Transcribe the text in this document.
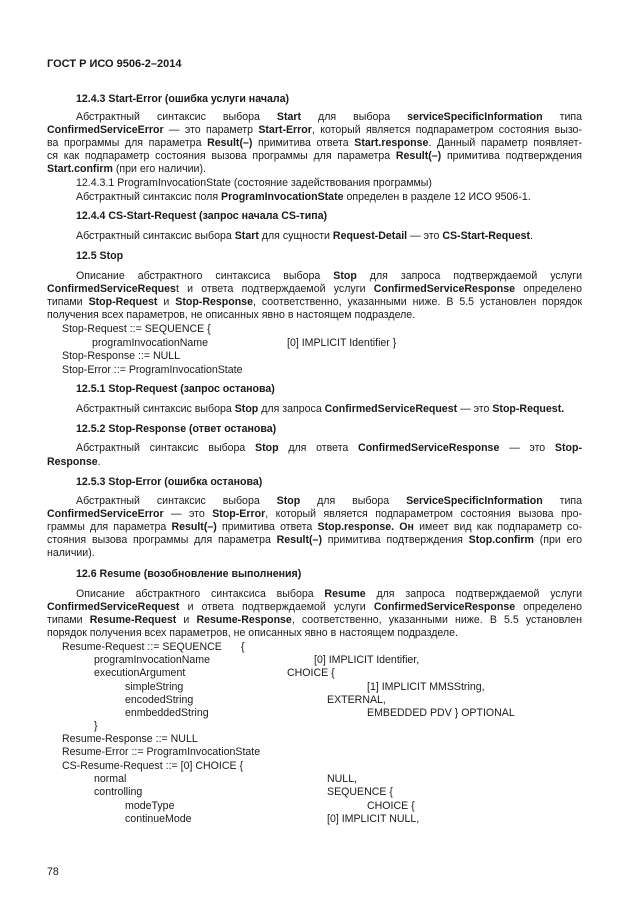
ГОСТ Р ИСО 9506-2–2014
12.4.3 Start-Error (ошибка услуги начала)
Абстрактный синтаксис выбора Start для выбора serviceSpecificInformation типа
ConfirmedServiceError — это параметр Start-Error, который является подпараметром состояния вызо-
ва программы для параметра Result(–) примитива ответа Start.response. Данный параметр появляет-
ся как подпараметр состояния вызова программы для параметра Result(–) примитива подтверждения
Start.confirm (при его наличии).
12.4.3.1 ProgramInvocationState (состояние задействования программы)
Абстрактный синтаксис поля ProgramInvocationState определен в разделе 12 ИСО 9506-1.
12.4.4 CS-Start-Request (запрос начала CS-типа)
Абстрактный синтаксис выбора Start для сущности Request-Detail — это CS-Start-Request.
12.5 Stop
Описание абстрактного синтаксиса выбора Stop для запроса подтверждаемой услуги
ConfirmedServiceRequest и ответа подтверждаемой услуги ConfirmedServiceResponse определено
типами Stop-Request и Stop-Response, соответственно, указанными ниже. В 5.5 установлен порядок
получения всех параметров, не описанных явно в настоящем подразделе.
Stop-Request ::= SEQUENCE {
programInvocationName	[0] IMPLICIT Identifier }
Stop-Response ::= NULL
Stop-Error ::= ProgramInvocationState
12.5.1 Stop-Request (запрос останова)
Абстрактный синтаксис выбора Stop для запроса ConfirmedServiceRequest — это Stop-Request.
12.5.2 Stop-Response (ответ останова)
Абстрактный синтаксис выбора Stop для ответа ConfirmedServiceResponse — это Stop-
Response.
12.5.3 Stop-Error (ошибка останова)
Абстрактный синтаксис выбора Stop для выбора ServiceSpecificInformation типа
ConfirmedServiceError — это Stop-Error, который является подпараметром состояния вызова про-
граммы для параметра Result(–) примитива ответа Stop.response. Он имеет вид как подпараметр со-
стояния вызова программы для параметра Result(–) примитива подтверждения Stop.confirm (при его
наличии).
12.6 Resume (возобновление выполнения)
Описание абстрактного синтаксиса выбора Resume для запроса подтверждаемой услуги
ConfirmedServiceRequest и ответа подтверждаемой услуги ConfirmedServiceResponse определено
типами Resume-Request и Resume-Response, соответственно, указанными ниже. В 5.5 установлен
порядок получения всех параметров, не описанных явно в настоящем подразделе.
Resume-Request ::= SEQUENCE {
programInvocationName	[0] IMPLICIT Identifier,
executionArgument	CHOICE {
simpleString	[1] IMPLICIT MMSString,
encodedString	EXTERNAL,
enmbeddedString	EMBEDDED PDV } OPTIONAL
}
Resume-Response ::= NULL
Resume-Error ::= ProgramInvocationState
CS-Resume-Request ::= [0] CHOICE {
normal	NULL,
controlling	SEQUENCE {
modeType	CHOICE {
continueMode	[0] IMPLICIT NULL,
78
